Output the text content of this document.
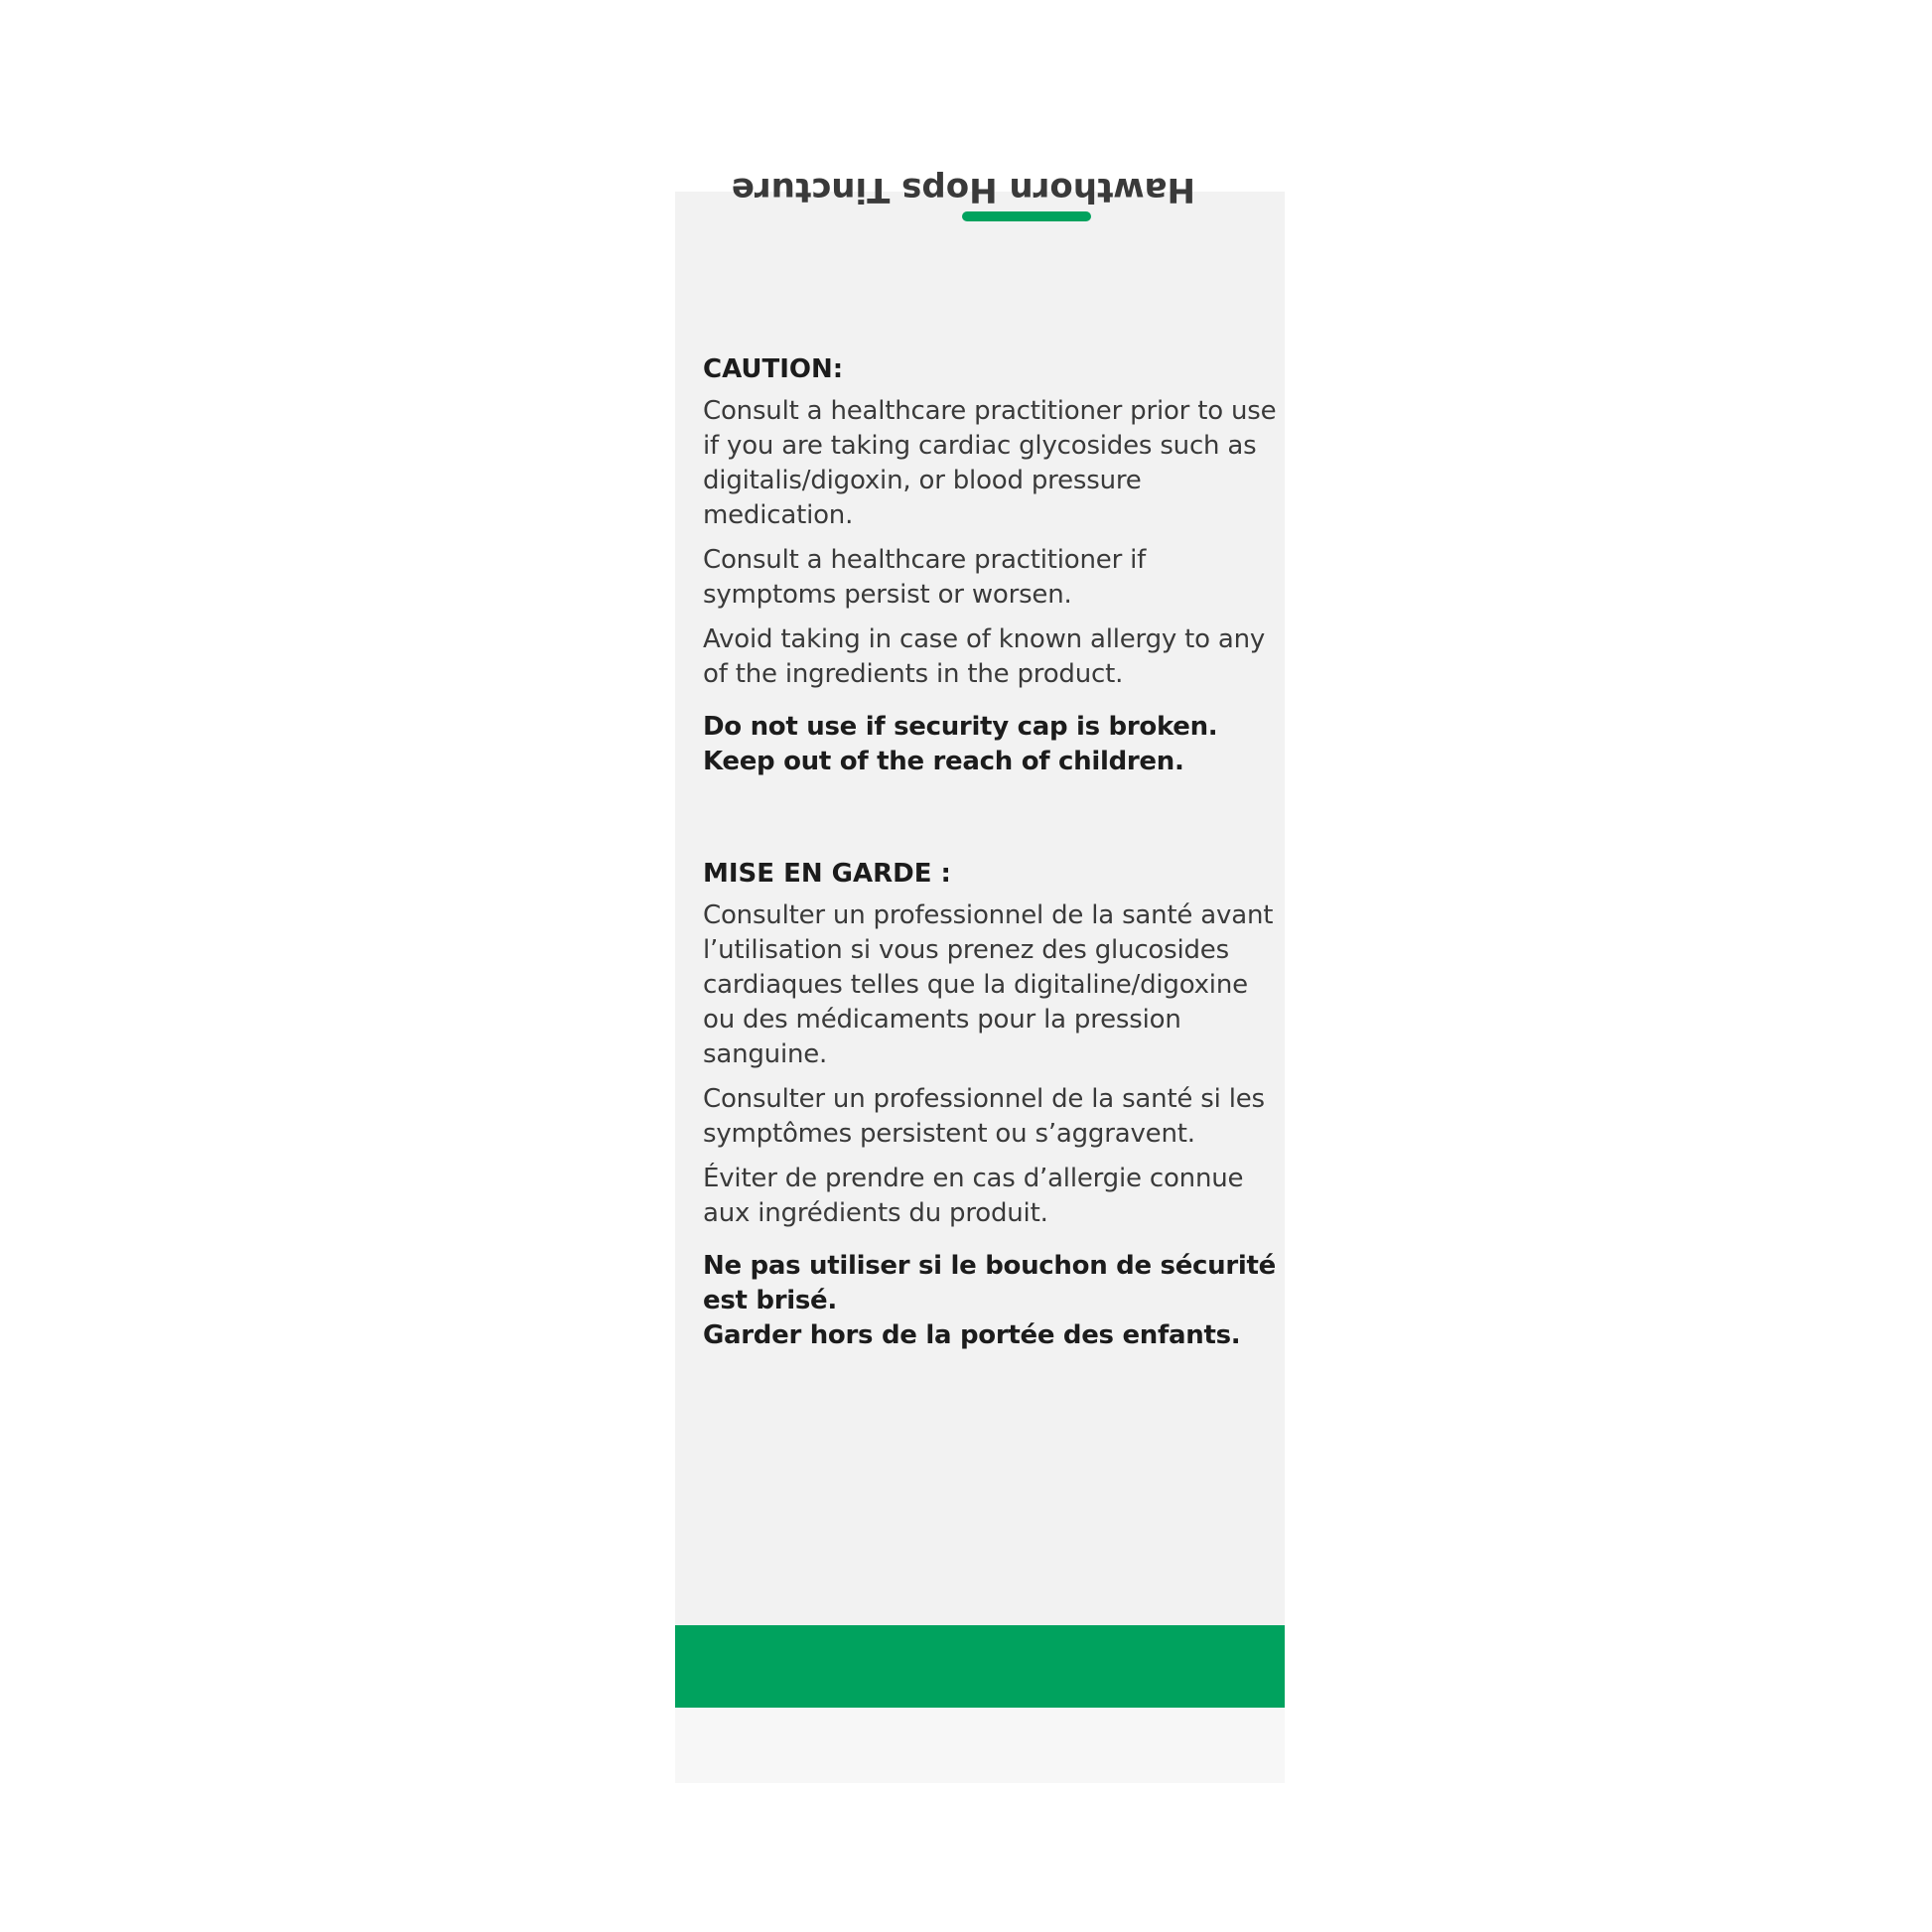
Hawthorn Hops Tincture
CAUTION:
Consult a healthcare practitioner prior to use if you are taking cardiac glycosides such as digitalis/digoxin, or blood pressure medication.
Consult a healthcare practitioner if symptoms persist or worsen.
Avoid taking in case of known allergy to any of the ingredients in the product.
Do not use if security cap is broken.
Keep out of the reach of children.
MISE EN GARDE :
Consulter un professionnel de la santé avant l’utilisation si vous prenez des glucosides cardiaques telles que la digitaline/digoxine ou des médicaments pour la pression sanguine.
Consulter un professionnel de la santé si les symptômes persistent ou s’aggravent.
Éviter de prendre en cas d’allergie connue aux ingrédients du produit.
Ne pas utiliser si le bouchon de sécurité est brisé.
Garder hors de la portée des enfants.
